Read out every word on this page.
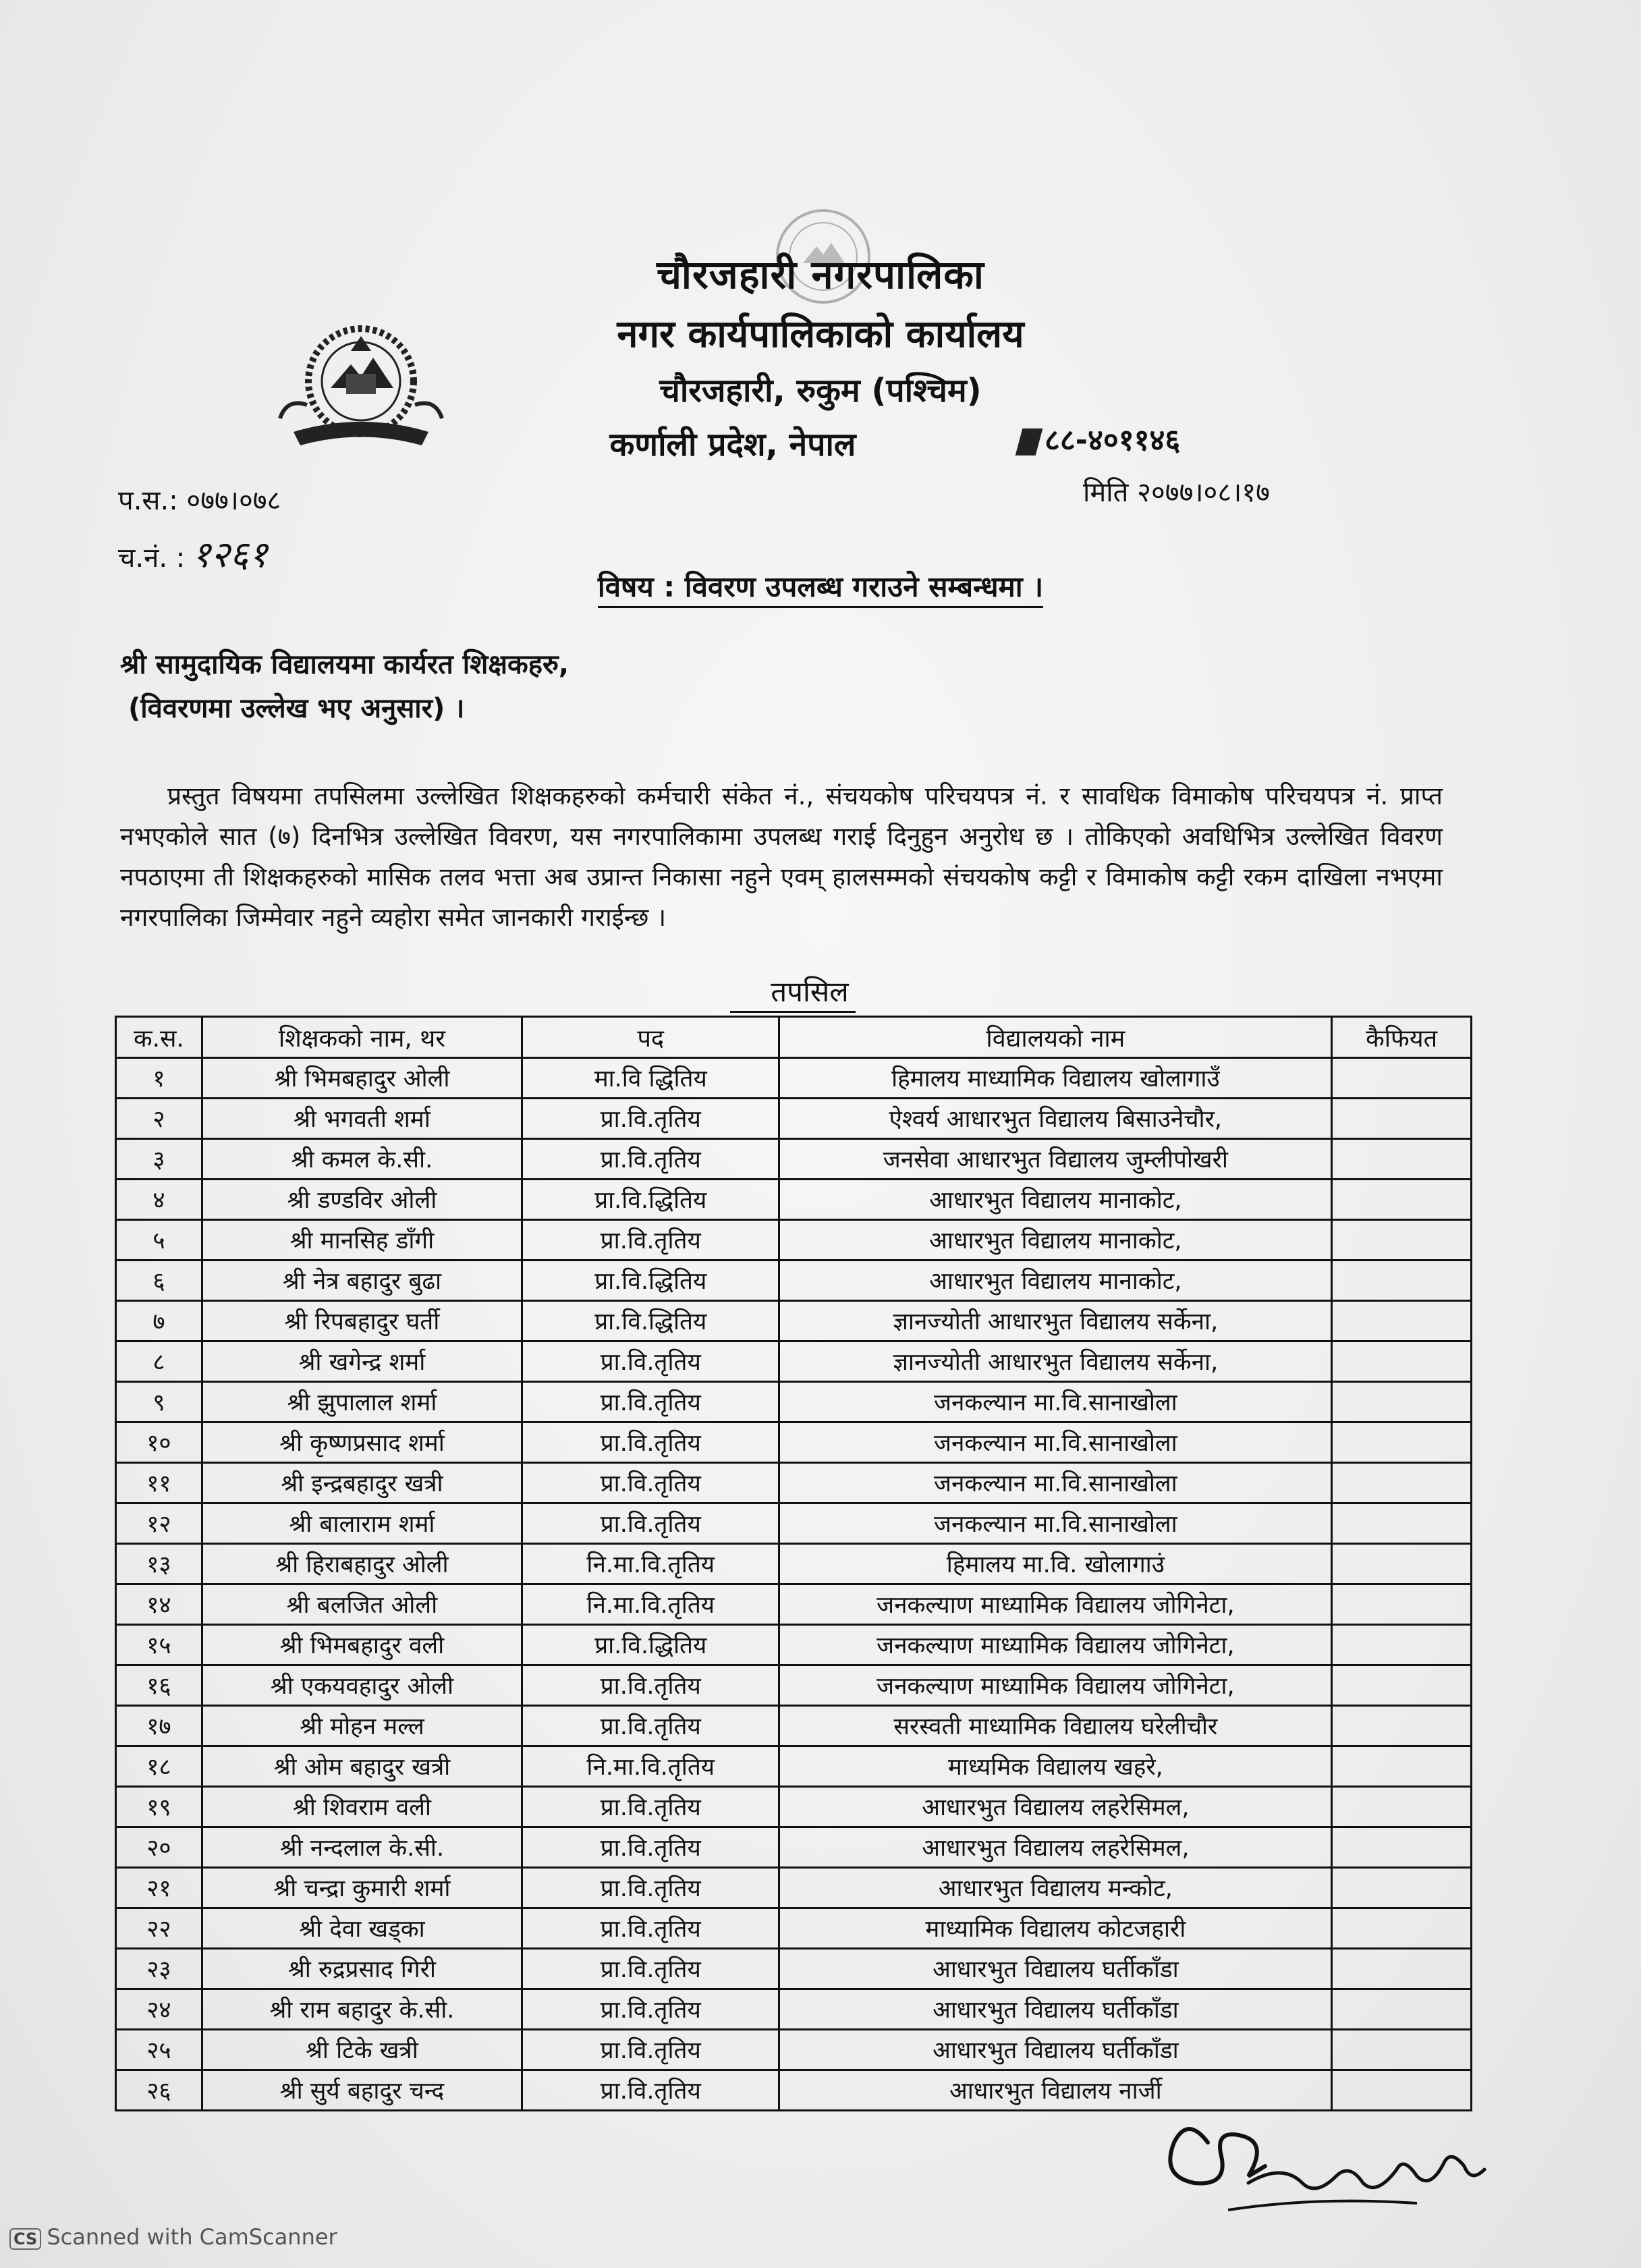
चौरजहारी नगरपालिका
नगर कार्यपालिकाको कार्यालय
चौरजहारी, रुकुम (पश्चिम)
कर्णाली प्रदेश, नेपाल	८८-४०११४६
मिति २०७७।०८।१७
प.स.: ०७७।०७८
च.नं. : १२६१
विषय : विवरण उपलब्ध गराउने सम्बन्धमा ।
श्री सामुदायिक विद्यालयमा कार्यरत शिक्षकहरु,
(विवरणमा उल्लेख भए अनुसार) ।
प्रस्तुत विषयमा तपसिलमा उल्लेखित शिक्षकहरुको कर्मचारी संकेत नं., संचयकोष परिचयपत्र नं. र सावधिक विमाकोष परिचयपत्र नं. प्राप्त नभएकोले सात (७) दिनभित्र उल्लेखित विवरण, यस नगरपालिकामा उपलब्ध गराई दिनुहुन अनुरोध छ । तोकिएको अवधिभित्र उल्लेखित विवरण नपठाएमा ती शिक्षकहरुको मासिक तलव भत्ता अब उप्रान्त निकासा नहुने एवम् हालसम्मको संचयकोष कट्टी र विमाकोष कट्टी रकम दाखिला नभएमा नगरपालिका जिम्मेवार नहुने व्यहोरा समेत जानकारी गराईन्छ ।
तपसिल
क.स.	शिक्षकको नाम, थर	पद	विद्यालयको नाम	कैफियत
१	श्री भिमबहादुर ओली	मा.वि द्धितिय	हिमालय माध्यामिक विद्यालय खोलागाउँ	
२	श्री भगवती शर्मा	प्रा.वि.तृतिय	ऐश्वर्य आधारभुत विद्यालय बिसाउनेचौर,	
३	श्री कमल के.सी.	प्रा.वि.तृतिय	जनसेवा आधारभुत विद्यालय जुम्लीपोखरी	
४	श्री डण्डविर ओली	प्रा.वि.द्धितिय	आधारभुत विद्यालय मानाकोट,	
५	श्री मानसिह डाँगी	प्रा.वि.तृतिय	आधारभुत विद्यालय मानाकोट,	
६	श्री नेत्र बहादुर बुढा	प्रा.वि.द्धितिय	आधारभुत विद्यालय मानाकोट,	
७	श्री रिपबहादुर घर्ती	प्रा.वि.द्धितिय	ज्ञानज्योती आधारभुत विद्यालय सर्केना,	
८	श्री खगेन्द्र शर्मा	प्रा.वि.तृतिय	ज्ञानज्योती आधारभुत विद्यालय सर्केना,	
९	श्री झुपालाल शर्मा	प्रा.वि.तृतिय	जनकल्यान मा.वि.सानाखोला	
१०	श्री कृष्णप्रसाद शर्मा	प्रा.वि.तृतिय	जनकल्यान मा.वि.सानाखोला	
११	श्री इन्द्रबहादुर खत्री	प्रा.वि.तृतिय	जनकल्यान मा.वि.सानाखोला	
१२	श्री बालाराम शर्मा	प्रा.वि.तृतिय	जनकल्यान मा.वि.सानाखोला	
१३	श्री हिराबहादुर ओली	नि.मा.वि.तृतिय	हिमालय मा.वि. खोलागाउं	
१४	श्री बलजित ओली	नि.मा.वि.तृतिय	जनकल्याण माध्यामिक विद्यालय जोगिनेटा,	
१५	श्री भिमबहादुर वली	प्रा.वि.द्धितिय	जनकल्याण माध्यामिक विद्यालय जोगिनेटा,	
१६	श्री एकयवहादुर ओली	प्रा.वि.तृतिय	जनकल्याण माध्यामिक विद्यालय जोगिनेटा,	
१७	श्री मोहन मल्ल	प्रा.वि.तृतिय	सरस्वती माध्यामिक विद्यालय घरेलीचौर	
१८	श्री ओम बहादुर खत्री	नि.मा.वि.तृतिय	माध्यमिक विद्यालय खहरे,	
१९	श्री शिवराम वली	प्रा.वि.तृतिय	आधारभुत विद्यालय लहरेसिमल,	
२०	श्री नन्दलाल के.सी.	प्रा.वि.तृतिय	आधारभुत विद्यालय लहरेसिमल,	
२१	श्री चन्द्रा कुमारी शर्मा	प्रा.वि.तृतिय	आधारभुत विद्यालय मन्कोट,	
२२	श्री देवा खड्का	प्रा.वि.तृतिय	माध्यामिक विद्यालय कोटजहारी	
२३	श्री रुद्रप्रसाद गिरी	प्रा.वि.तृतिय	आधारभुत विद्यालय घर्तीकाँडा	
२४	श्री राम बहादुर के.सी.	प्रा.वि.तृतिय	आधारभुत विद्यालय घर्तीकाँडा	
२५	श्री टिके खत्री	प्रा.वि.तृतिय	आधारभुत विद्यालय घर्तीकाँडा	
२६	श्री सुर्य बहादुर चन्द	प्रा.वि.तृतिय	आधारभुत विद्यालय नार्जी	
CS Scanned with CamScanner
